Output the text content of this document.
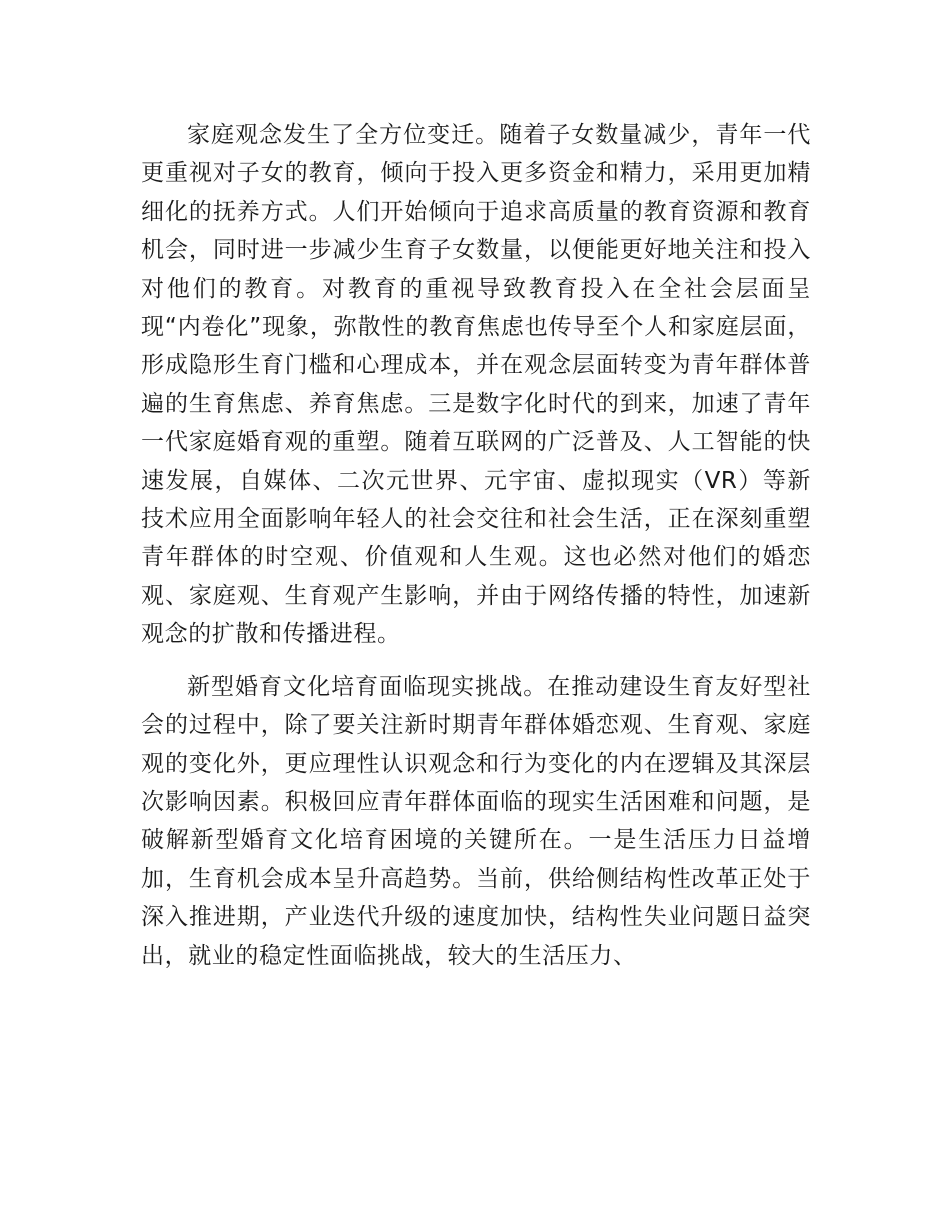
家庭观念发生了全方位变迁。随着子女数量减少，青年一代更重视对子女的教育，倾向于投入更多资金和精力，采用更加精细化的抚养方式。人们开始倾向于追求高质量的教育资源和教育机会，同时进一步减少生育子女数量，以便能更好地关注和投入对他们的教育。对教育的重视导致教育投入在全社会层面呈现“内卷化”现象，弥散性的教育焦虑也传导至个人和家庭层面，形成隐形生育门槛和心理成本，并在观念层面转变为青年群体普遍的生育焦虑、养育焦虑。三是数字化时代的到来，加速了青年一代家庭婚育观的重塑。随着互联网的广泛普及、人工智能的快速发展，自媒体、二次元世界、元宇宙、虚拟现实（VR）等新技术应用全面影响年轻人的社会交往和社会生活，正在深刻重塑青年群体的时空观、价值观和人生观。这也必然对他们的婚恋观、家庭观、生育观产生影响，并由于网络传播的特性，加速新观念的扩散和传播进程。

新型婚育文化培育面临现实挑战。在推动建设生育友好型社会的过程中，除了要关注新时期青年群体婚恋观、生育观、家庭观的变化外，更应理性认识观念和行为变化的内在逻辑及其深层次影响因素。积极回应青年群体面临的现实生活困难和问题，是破解新型婚育文化培育困境的关键所在。一是生活压力日益增加，生育机会成本呈升高趋势。当前，供给侧结构性改革正处于深入推进期，产业迭代升级的速度加快，结构性失业问题日益突出，就业的稳定性面临挑战，较大的生活压力、
